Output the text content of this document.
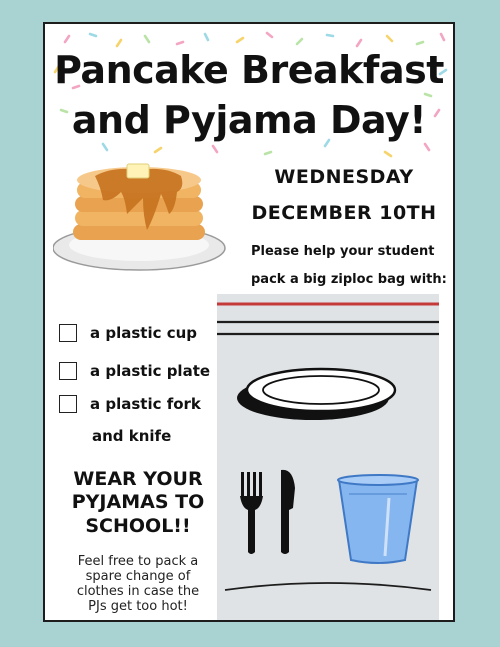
Pancake Breakfast
and Pyjama Day!
WEDNESDAY
DECEMBER 10TH
Please help your student
pack a big ziploc bag with:
a plastic cup
a plastic plate
a plastic fork
and knife
WEAR YOUR
PYJAMAS TO
SCHOOL!!
Feel free to pack a
spare change of
clothes in case the
PJs get too hot!
